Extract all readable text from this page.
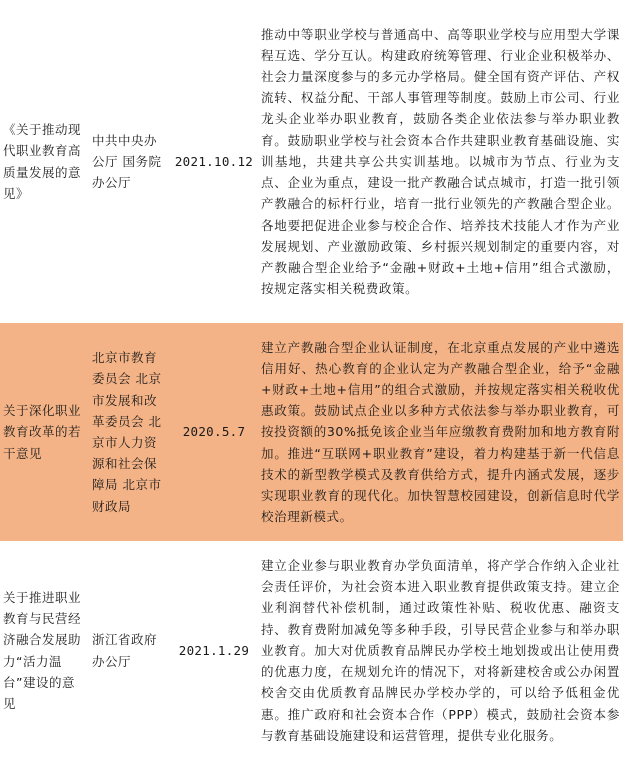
《关于推动现代职业教育高质量发展的意见》	中共中央办公厅 国务院办公厅	2021.10.12	推动中等职业学校与普通高中、高等职业学校与应用型大学课程互选、学分互认。构建政府统筹管理、行业企业积极举办、社会力量深度参与的多元办学格局。健全国有资产评估、产权流转、权益分配、干部人事管理等制度。鼓励上市公司、行业龙头企业举办职业教育，鼓励各类企业依法参与举办职业教育。鼓励职业学校与社会资本合作共建职业教育基础设施、实训基地，共建共享公共实训基地。以城市为节点、行业为支点、企业为重点，建设一批产教融合试点城市，打造一批引领产教融合的标杆行业，培育一批行业领先的产教融合型企业。各地要把促进企业参与校企合作、培养技术技能人才作为产业发展规划、产业激励政策、乡村振兴规划制定的重要内容，对产教融合型企业给予“金融+财政+土地+信用”组合式激励，按规定落实相关税费政策。
关于深化职业教育改革的若干意见	北京市教育委员会 北京市发展和改革委员会 北京市人力资源和社会保障局 北京市财政局	2020.5.7	建立产教融合型企业认证制度，在北京重点发展的产业中遴选信用好、热心教育的企业认定为产教融合型企业，给予“金融+财政+土地+信用”的组合式激励，并按规定落实相关税收优惠政策。鼓励试点企业以多种方式依法参与举办职业教育，可按投资额的30%抵免该企业当年应缴教育费附加和地方教育附加。推进“互联网+职业教育”建设，着力构建基于新一代信息技术的新型教学模式及教育供给方式，提升内涵式发展，逐步实现职业教育的现代化。加快智慧校园建设，创新信息时代学校治理新模式。
关于推进职业教育与民营经济融合发展助力“活力温台”建设的意见	浙江省政府办公厅	2021.1.29	建立企业参与职业教育办学负面清单，将产学合作纳入企业社会责任评价，为社会资本进入职业教育提供政策支持。建立企业利润替代补偿机制，通过政策性补贴、税收优惠、融资支持、教育费附加减免等多种手段，引导民营企业参与和举办职业教育。加大对优质教育品牌民办学校土地划拨或出让使用费的优惠力度，在规划允许的情况下，对将新建校舍或公办闲置校舍交由优质教育品牌民办学校办学的，可以给予低租金优惠。推广政府和社会资本合作（PPP）模式，鼓励社会资本参与教育基础设施建设和运营管理，提供专业化服务。
